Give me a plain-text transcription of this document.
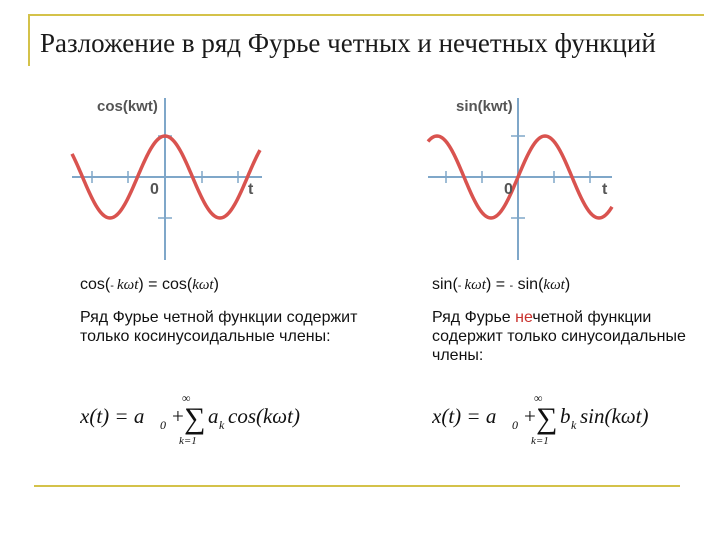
Разложение в ряд Фурье четных и нечетных функций
0	t
cos(kwt)
0	t
sin(kwt)
cos(- kωt) = cos(kωt)	sin(- kωt) = - sin(kωt)
Ряд Фурье четной функции содержит только косинусоидальные члены:
Ряд Фурье нечетной функции содержит только синусоидальные члены:
x(t) = a 0 +
∞
∑
k=1
a k cos(kωt)	x(t) = a 0 +
∞
∑
k=1
b k sin(kωt)
